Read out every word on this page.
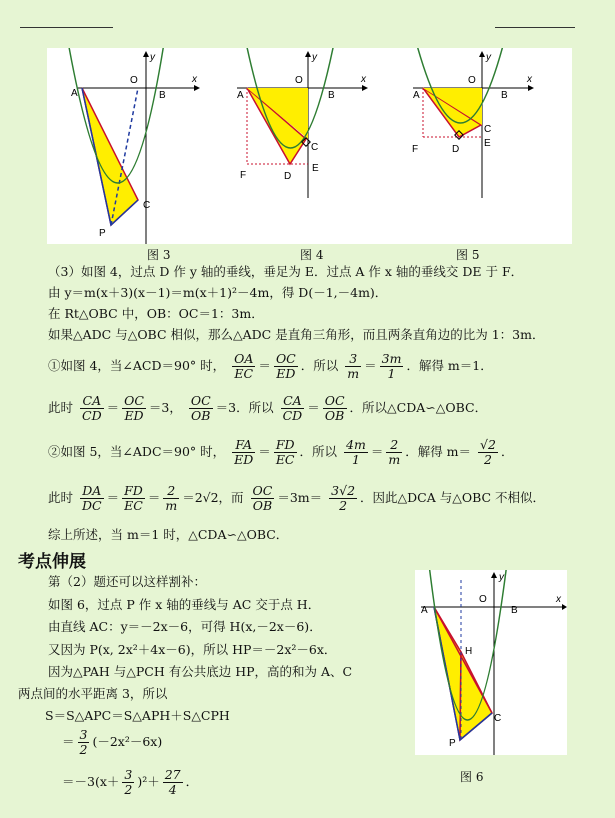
A	B
C
P
O
y
x
A	B
C
D
E
F
O
y
x
A	B
C
D
E
F
O
y
x
图 3	图 4	图 5
（3）如图 4，过点 D 作 y 轴的垂线，垂足为 E．过点 A 作 x 轴的垂线交 DE 于 F．
由 y＝m(x＋3)(x－1)＝m(x＋1)²－4m，得 D(－1,－4m)．
在 Rt△OBC 中，OB：OC＝1：3m．
如果△ADC 与△OBC 相似，那么△ADC 是直角三角形，而且两条直角边的比为 1：3m．
①如图 4，当∠ACD＝90° 时， $\frac{OA}{EC} = \frac{OC}{ED}$ ．所以 $\frac{3}{m} = \frac{3m}{1}$ ．解得 m＝1．
此时 $\frac{CA}{CD} = \frac{OC}{ED} =3$， $\frac{OC}{OB} =3$．所以 $\frac{CA}{CD} = \frac{OC}{OB}$ ．所以△CDA∽△OBC．
②如图 5，当∠ADC＝90° 时， $\frac{FA}{ED} = \frac{FD}{EC}$ ．所以 $\frac{4m}{1} = \frac{2}{m}$ ．解得 $m= \frac{√2}{2}$ ．
此时 $\frac{DA}{DC} = \frac{FD}{EC} = \frac{2}{m} =2√2$，而 $\frac{OC}{OB} =3m= \frac{3√2}{2}$ ．因此△DCA 与△OBC 不相似．
综上所述，当 m＝1 时，△CDA∽△OBC．
考点伸展
第（2）题还可以这样割补：
如图 6，过点 P 作 x 轴的垂线与 AC 交于点 H．
由直线 AC：y＝－2x－6，可得 H(x,－2x－6)．
又因为 P(x, 2x²＋4x－6)，所以 HP＝－2x²－6x．
因为△PAH 与△PCH 有公共底边 HP，高的和为 A、C
两点间的水平距离 3，所以
S＝S△APC＝S△APH＋S△CPH
＝ $\frac{3}{2} (-2x^2-6x)$
$=-3(x+ \frac{3}{2} )^2+ \frac{27}{4}$ ．
A	B
O
H
C
P
y
x
图 6
